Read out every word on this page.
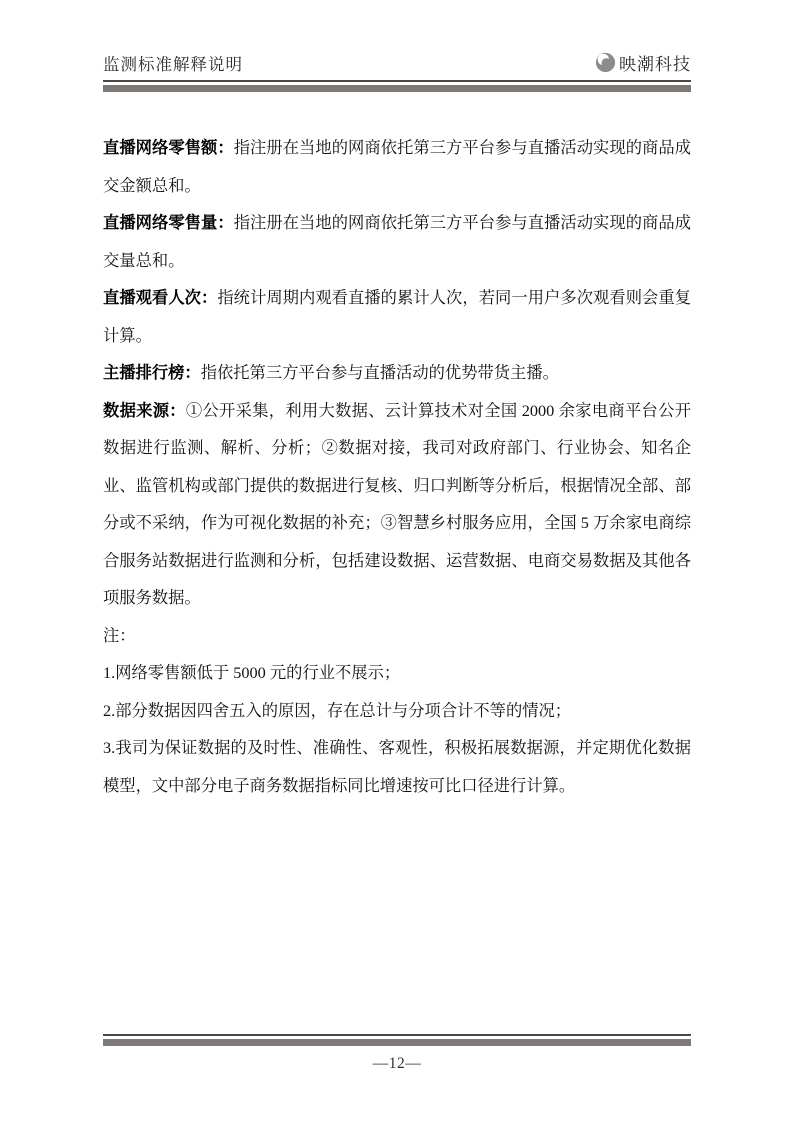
监测标准解释说明	映潮科技

直播网络零售额：指注册在当地的网商依托第三方平台参与直播活动实现的商品成交金额总和。

直播网络零售量：指注册在当地的网商依托第三方平台参与直播活动实现的商品成交量总和。

直播观看人次：指统计周期内观看直播的累计人次，若同一用户多次观看则会重复计算。

主播排行榜：指依托第三方平台参与直播活动的优势带货主播。

数据来源：①公开采集，利用大数据、云计算技术对全国 2000 余家电商平台公开数据进行监测、解析、分析；②数据对接，我司对政府部门、行业协会、知名企业、监管机构或部门提供的数据进行复核、归口判断等分析后，根据情况全部、部分或不采纳，作为可视化数据的补充；③智慧乡村服务应用，全国 5 万余家电商综合服务站数据进行监测和分析，包括建设数据、运营数据、电商交易数据及其他各项服务数据。

注：

1.网络零售额低于 5000 元的行业不展示；

2.部分数据因四舍五入的原因，存在总计与分项合计不等的情况；

3.我司为保证数据的及时性、准确性、客观性，积极拓展数据源，并定期优化数据模型，文中部分电子商务数据指标同比增速按可比口径进行计算。

—12—
